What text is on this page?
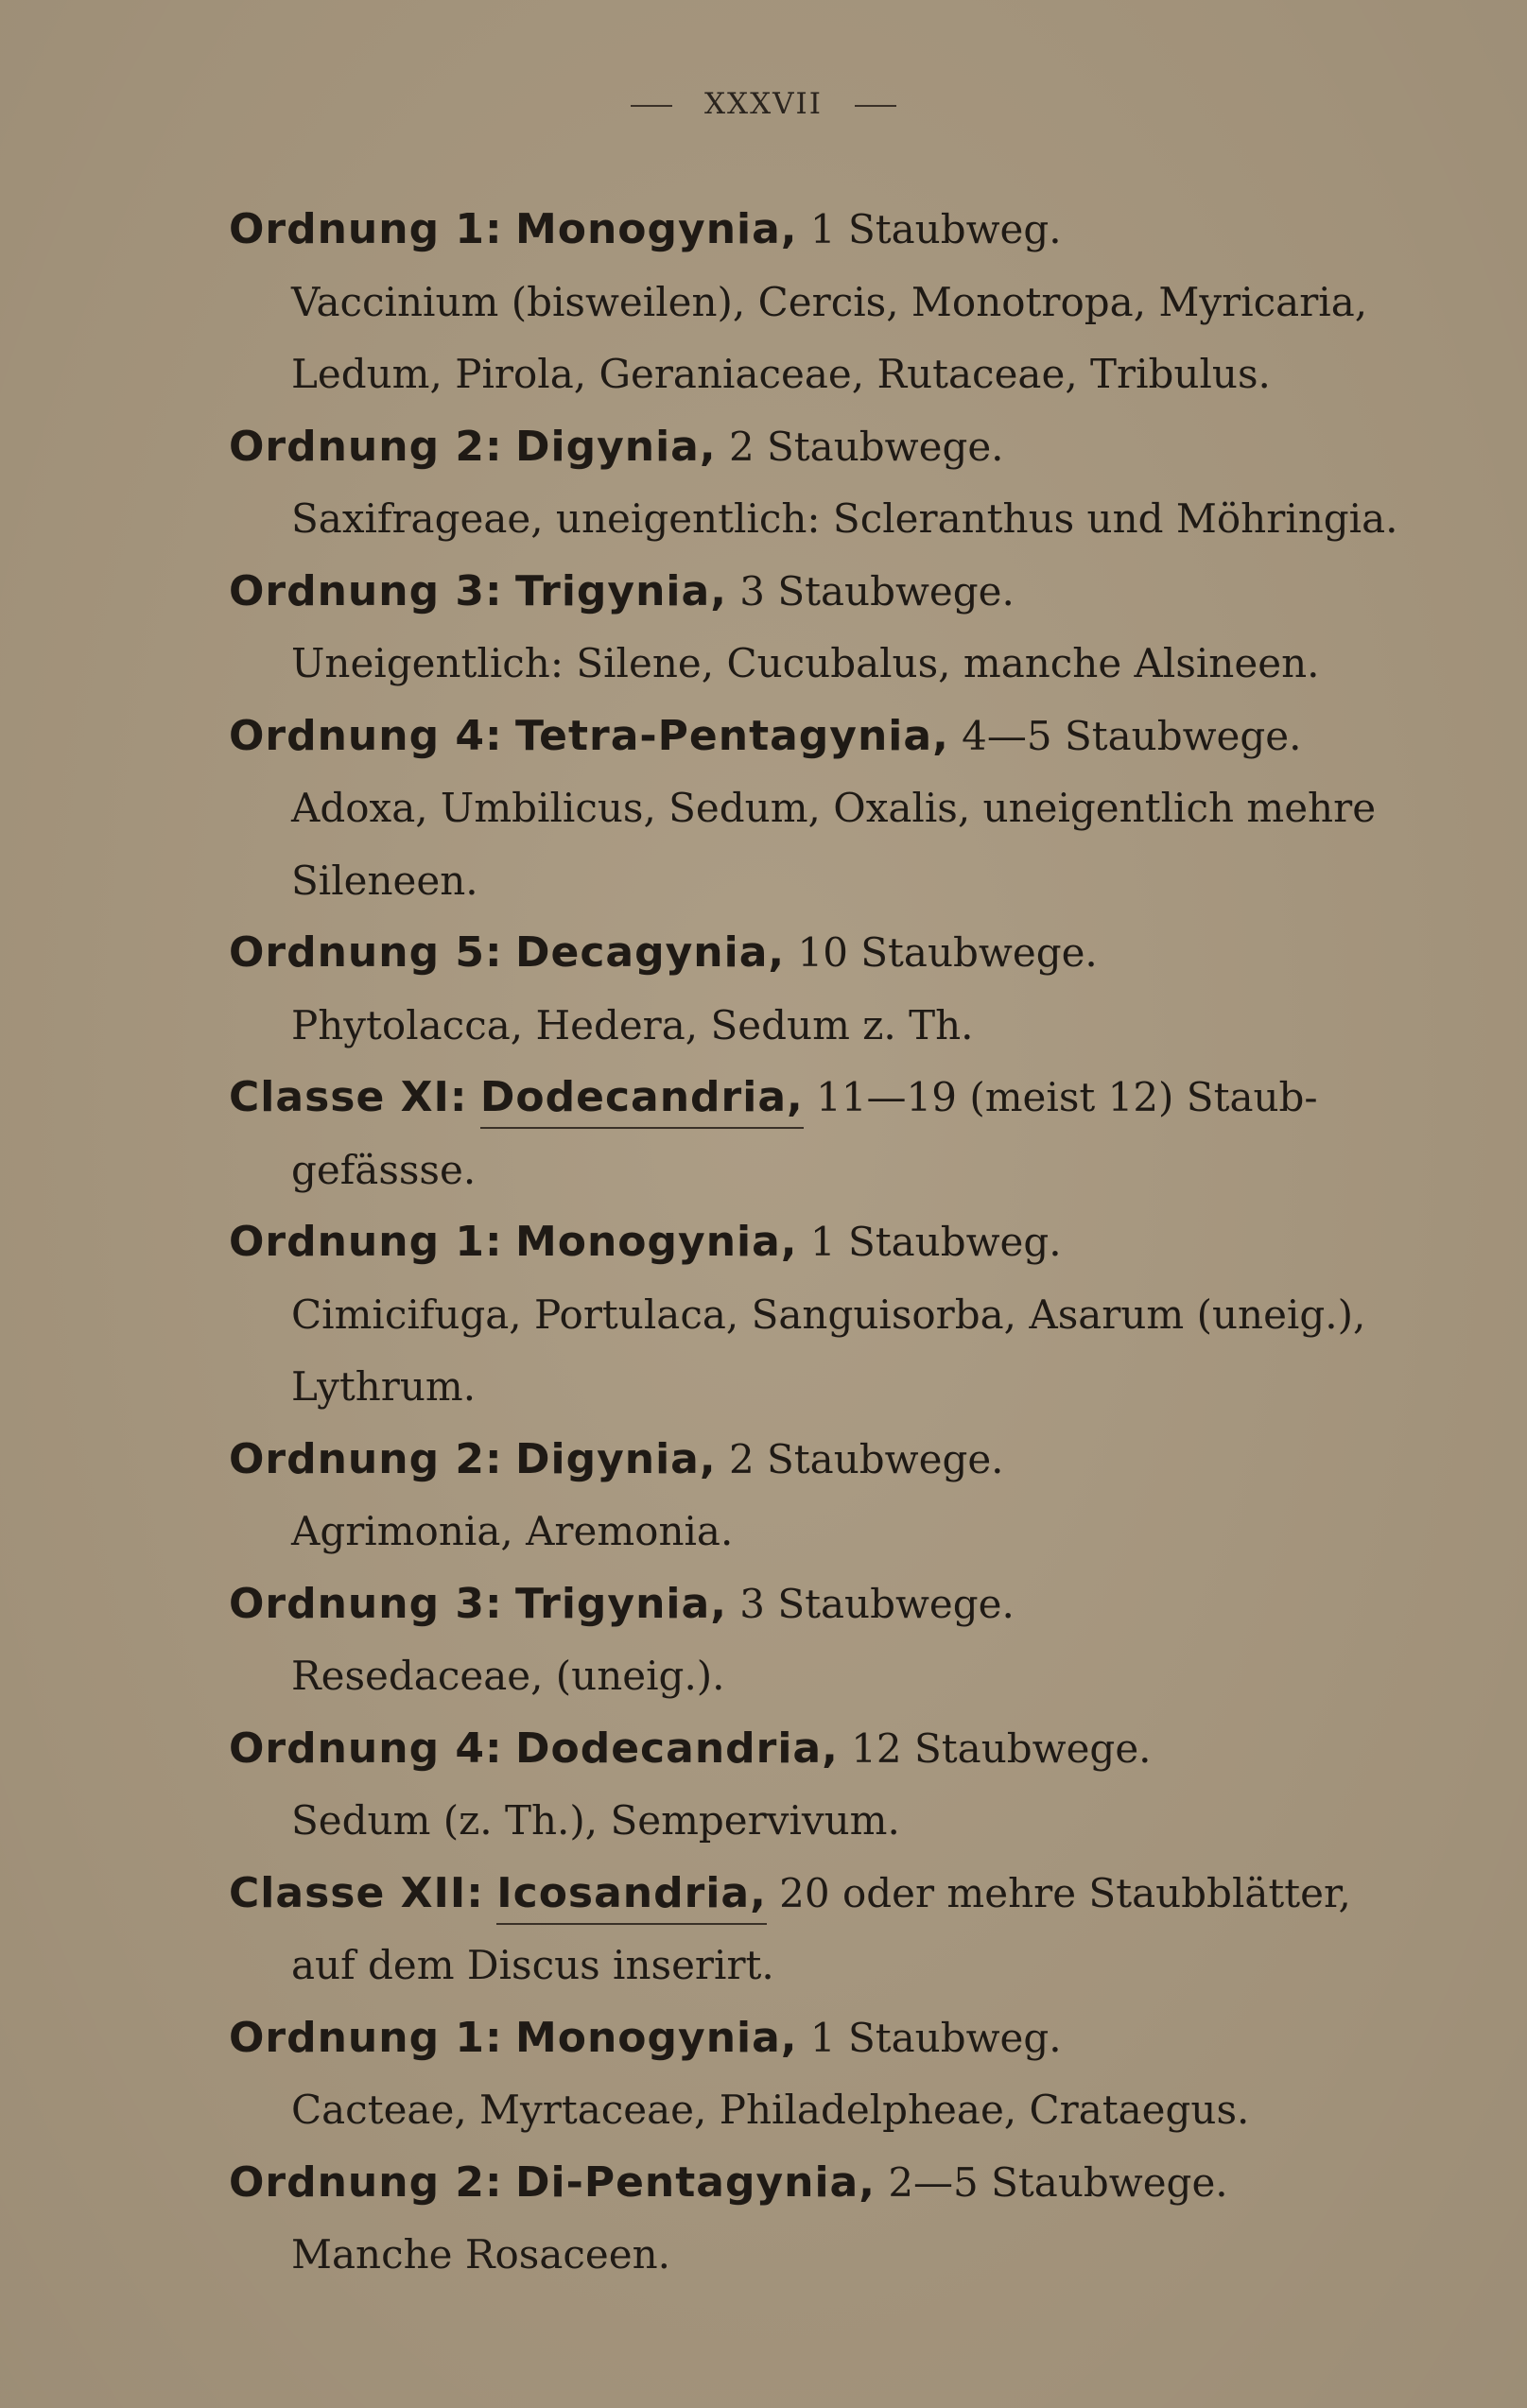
XXXVII
Ordnung 1: Monogynia, 1 Staubweg.
Vaccinium (bisweilen), Cercis, Monotropa, Myricaria,
Ledum, Pirola, Geraniaceae, Rutaceae, Tribulus.
Ordnung 2: Digynia, 2 Staubwege.
Saxifrageae, uneigentlich: Scleranthus und Möhringia.
Ordnung 3: Trigynia, 3 Staubwege.
Uneigentlich: Silene, Cucubalus, manche Alsineen.
Ordnung 4: Tetra-Pentagynia, 4—5 Staubwege.
Adoxa, Umbilicus, Sedum, Oxalis, uneigentlich mehre
Sileneen.
Ordnung 5: Decagynia, 10 Staubwege.
Phytolacca, Hedera, Sedum z. Th.
Classe XI: Dodecandria, 11—19 (meist 12) Staub-
gefässse.
Ordnung 1: Monogynia, 1 Staubweg.
Cimicifuga, Portulaca, Sanguisorba, Asarum (uneig.),
Lythrum.
Ordnung 2: Digynia, 2 Staubwege.
Agrimonia, Aremonia.
Ordnung 3: Trigynia, 3 Staubwege.
Resedaceae, (uneig.).
Ordnung 4: Dodecandria, 12 Staubwege.
Sedum (z. Th.), Sempervivum.
Classe XII: Icosandria, 20 oder mehre Staubblätter,
auf dem Discus inserirt.
Ordnung 1: Monogynia, 1 Staubweg.
Cacteae, Myrtaceae, Philadelpheae, Crataegus.
Ordnung 2: Di-Pentagynia, 2—5 Staubwege.
Manche Rosaceen.
